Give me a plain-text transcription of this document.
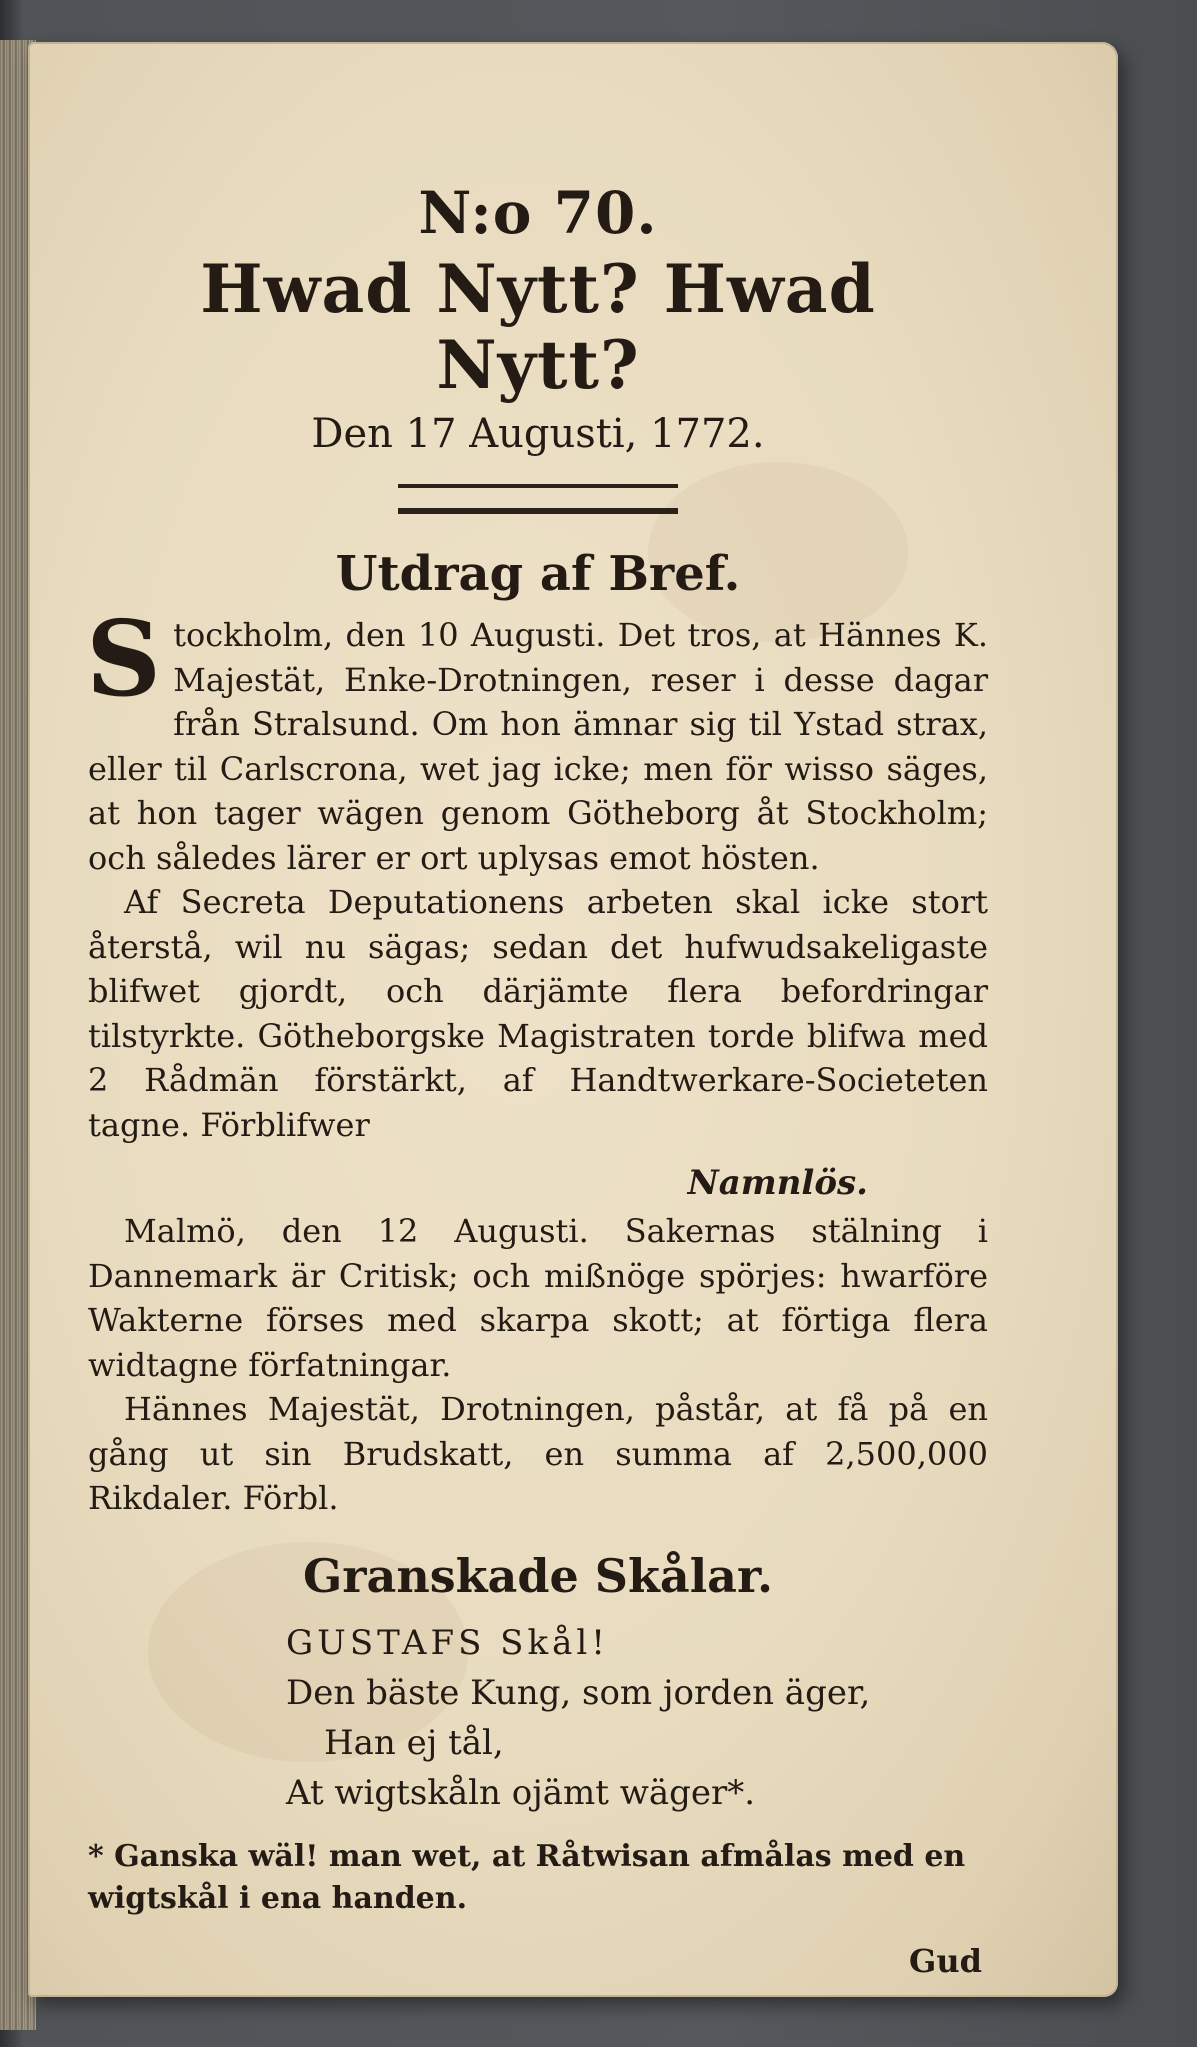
N:o 70.
Hwad Nytt? Hwad Nytt?
Den 17 Augusti, 1772.
Utdrag af Bref.

Stockholm, den 10 Augusti. Det tros, at Hännes K. Majestät, Enke-Drotningen, reser i desse dagar från Stralsund. Om hon ämnar sig til Ystad strax, eller til Carlscrona, wet jag icke; men för wisso säges, at hon tager wägen genom Götheborg åt Stockholm; och således lärer er ort uplysas emot hösten.

Af Secreta Deputationens arbeten skal icke stort återstå, wil nu sägas; sedan det hufwudsakeligaste blifwet gjordt, och därjämte flera befordringar tilstyrkte. Götheborgske Magistraten torde blifwa med 2 Rådmän förstärkt, af Handtwerkare-Societeten tagne. Förblifwer

Namnlös.

Malmö, den 12 Augusti. Sakernas stälning i Dannemark är Critisk; och mißnöge spörjes: hwarföre Wakterne förses med skarpa skott; at förtiga flera widtagne förfatningar.

Hännes Majestät, Drotningen, påstår, at få på en gång ut sin Brudskatt, en summa af 2,500,000 Rikdaler. Förbl.

Granskade Skålar.
GUSTAFS Skål!
Den bäste Kung, som jorden äger,
Han ej tål,
At wigtskåln ojämt wäger*.
* Ganska wäl! man wet, at Råtwisan afmålas med en wigtskål i ena handen.
Gud
